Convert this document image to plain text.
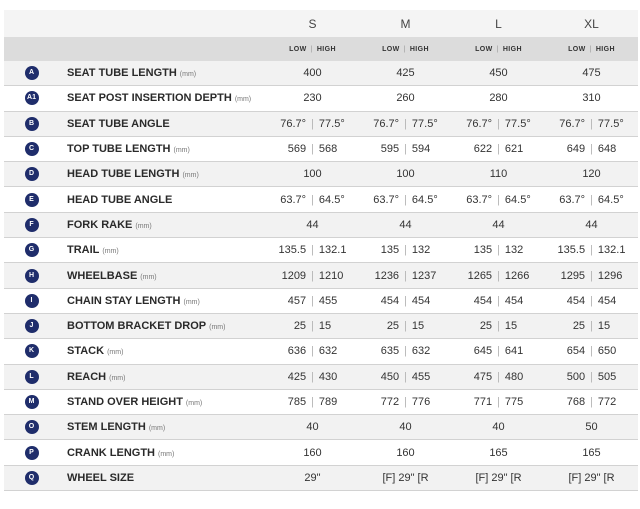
		S	M	L	XL
		LOW | HIGH	LOW | HIGH	LOW | HIGH	LOW | HIGH
A	SEAT TUBE LENGTH (mm)	400	425	450	475
A1	SEAT POST INSERTION DEPTH (mm)	230	260	280	310
B	SEAT TUBE ANGLE	76.7° | 77.5°	76.7° | 77.5°	76.7° | 77.5°	76.7° | 77.5°

C	TOP TUBE LENGTH (mm)	569 | 568	595 | 594	622 | 621	649 | 648

D	HEAD TUBE LENGTH (mm)	100	100	110	120
E	HEAD TUBE ANGLE	63.7° | 64.5°	63.7° | 64.5°	63.7° | 64.5°	63.7° | 64.5°

F	FORK RAKE (mm)	44	44	44	44
G	TRAIL (mm)	135.5 | 132.1	135 | 132	135 | 132	135.5 | 132.1

H	WHEELBASE (mm)	1209 | 1210	1236 | 1237	1265 | 1266	1295 | 1296

I	CHAIN STAY LENGTH (mm)	457 | 455	454 | 454	454 | 454	454 | 454

J	BOTTOM BRACKET DROP (mm)	25 | 15	25 | 15	25 | 15	25 | 15

K	STACK (mm)	636 | 632	635 | 632	645 | 641	654 | 650

L	REACH (mm)	425 | 430	450 | 455	475 | 480	500 | 505

M	STAND OVER HEIGHT (mm)	785 | 789	772 | 776	771 | 775	768 | 772

O	STEM LENGTH (mm)	40	40	40	50
P	CRANK LENGTH (mm)	160	160	165	165
Q	WHEEL SIZE	29"	[F] 29" [R	[F] 29" [R	[F] 29" [R
